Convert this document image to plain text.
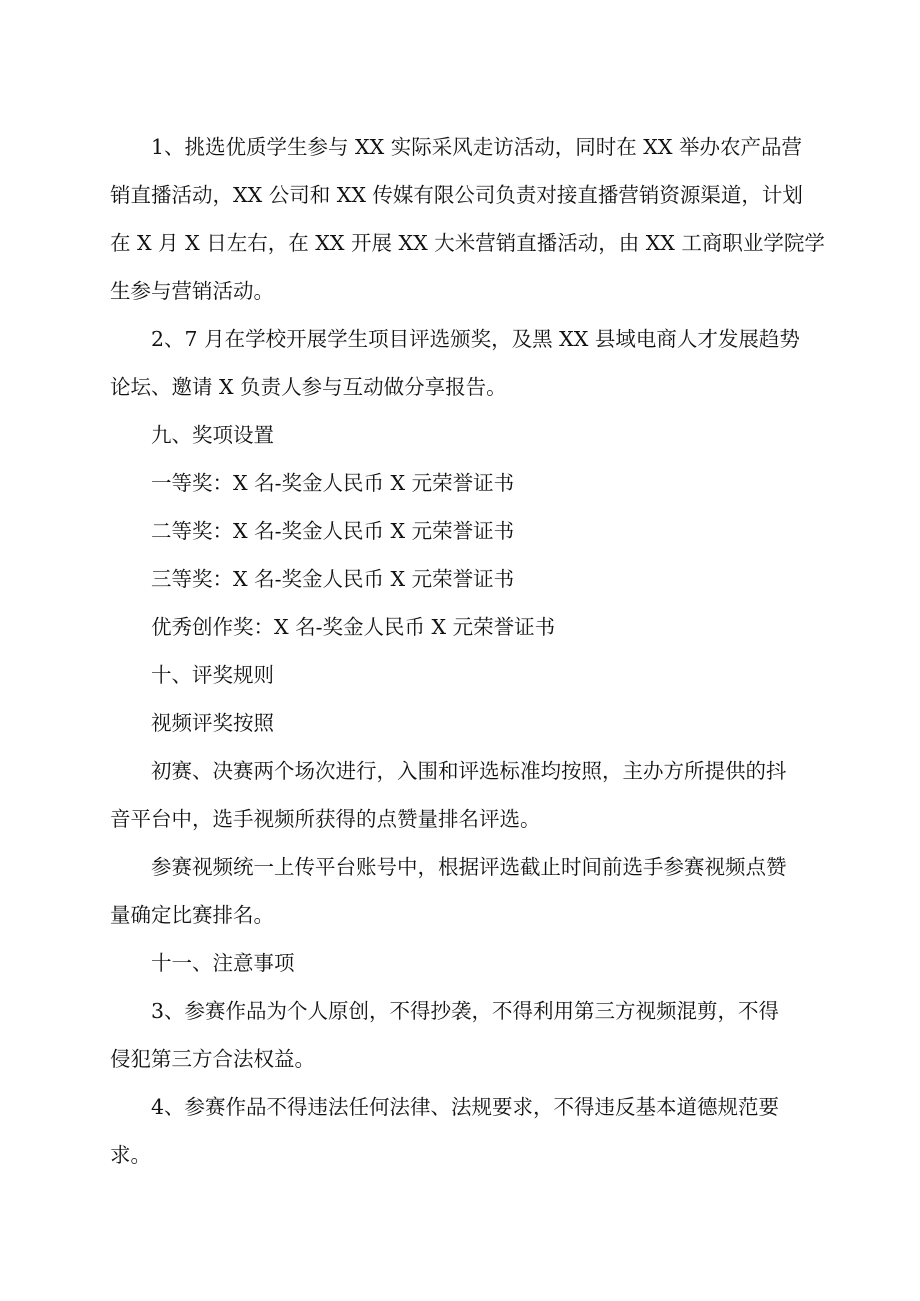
1、挑选优质学生参与 XX 实际采风走访活动，同时在 XX 举办农产品营

销直播活动，XX 公司和 XX 传媒有限公司负责对接直播营销资源渠道，计划

在 X 月 X 日左右，在 XX 开展 XX 大米营销直播活动，由 XX 工商职业学院学

生参与营销活动。

2、7 月在学校开展学生项目评选颁奖，及黑 XX 县域电商人才发展趋势

论坛、邀请 X 负责人参与互动做分享报告。

九、奖项设置

一等奖：X 名-奖金人民币 X 元荣誉证书

二等奖：X 名-奖金人民币 X 元荣誉证书

三等奖：X 名-奖金人民币 X 元荣誉证书

优秀创作奖：X 名-奖金人民币 X 元荣誉证书

十、评奖规则

视频评奖按照

初赛、决赛两个场次进行，入围和评选标准均按照，主办方所提供的抖

音平台中，选手视频所获得的点赞量排名评选。

参赛视频统一上传平台账号中，根据评选截止时间前选手参赛视频点赞

量确定比赛排名。

十一、注意事项

3、参赛作品为个人原创，不得抄袭，不得利用第三方视频混剪，不得

侵犯第三方合法权益。

4、参赛作品不得违法任何法律、法规要求，不得违反基本道德规范要

求。
